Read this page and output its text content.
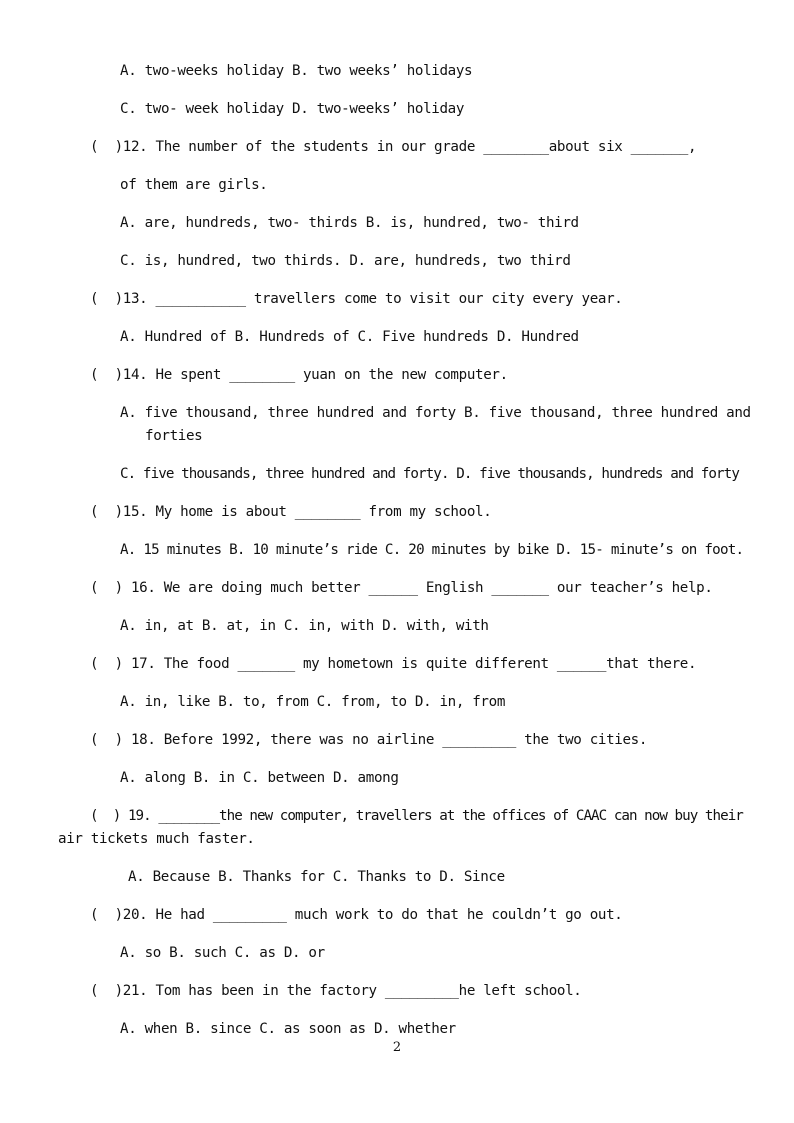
A. two-weeks holiday B. two weeks’ holidays
C. two- week holiday D. two-weeks’ holiday
(  )12. The number of the students in our grade ________about six _______,
of them are girls.
A. are, hundreds, two- thirds B. is, hundred, two- third
C. is, hundred, two thirds. D. are, hundreds, two third
(  )13. ___________ travellers come to visit our city every year.
A. Hundred of B. Hundreds of C. Five hundreds D. Hundred
(  )14. He spent ________ yuan on the new computer.
A. five thousand, three hundred and forty B. five thousand, three hundred and
forties
C. five thousands, three hundred and forty. D. five thousands, hundreds and forty
(  )15. My home is about ________ from my school.
A. 15 minutes B. 10 minute’s ride C. 20 minutes by bike D. 15- minute’s on foot.
(  ) 16. We are doing much better ______ English _______ our teacher’s help.
A. in, at B. at, in C. in, with D. with, with
(  ) 17. The food _______ my hometown is quite different ______that there.
A. in, like B. to, from C. from, to D. in, from
(  ) 18. Before 1992, there was no airline _________ the two cities.
A. along B. in C. between D. among
(  ) 19. ________the new computer, travellers at the offices of CAAC can now buy their
air tickets much faster.
A. Because B. Thanks for C. Thanks to D. Since
(  )20. He had _________ much work to do that he couldn’t go out.
A. so B. such C. as D. or
(  )21. Tom has been in the factory _________he left school.
A. when B. since C. as soon as D. whether
2
